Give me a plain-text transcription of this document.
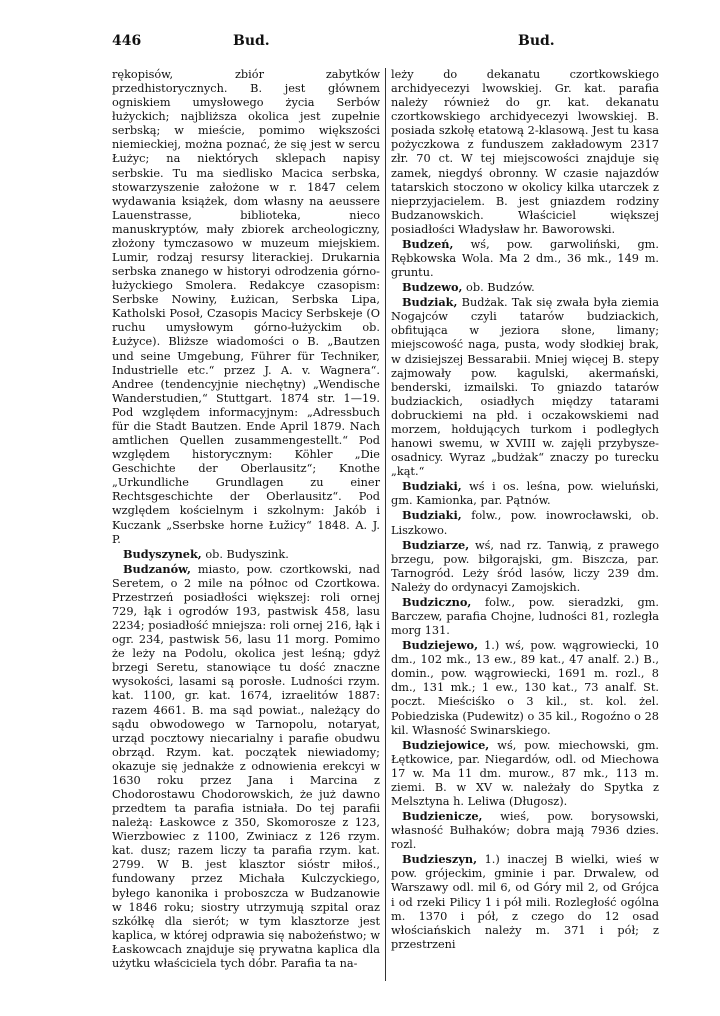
446	Bud.	Bud.

rękopisów, zbiór zabytków przedhistorycznych. B. jest głównem ogniskiem umysłowego życia Serbów łużyckich; najbliższa okolica jest zupełnie serbską; w mieście, pomimo większości niemieckiej, można poznać, że się jest w sercu Łużyc; na niektórych sklepach napisy serbskie. Tu ma siedlisko Macica serbska, stowarzyszenie założone w r. 1847 celem wydawania książek, dom własny na aeussere Lauenstrasse, biblioteka, nieco manuskryptów, mały zbiorek archeologiczny, złożony tymczasowo w muzeum miejskiem. Lumir, rodzaj resursy literackiej. Drukarnia serbska znanego w historyi odrodzenia górno-łużyckiego Smolera. Redakcye czasopism: Serbske Nowiny, Łużican, Serbska Lipa, Katholski Posoł, Czasopis Macicy Serbskeje (O ruchu umysłowym górno-łużyckim ob. Łużyce). Bliższe wiadomości o B. „Bautzen und seine Umgebung, Führer für Techniker, Industrielle etc.“ przez J. A. v. Wagnera“. Andree (tendencyjnie niechętny) „Wendische Wanderstudien,“ Stuttgart. 1874 str. 1—19. Pod względem informacyjnym: „Adressbuch für die Stadt Bautzen. Ende April 1879. Nach amtlichen Quellen zusammengestellt.“ Pod względem historycznym: Köhler „Die Geschichte der Oberlausitz“; Knothe „Urkundliche Grundlagen zu einer Rechtsgeschichte der Oberlausitz“. Pod względem kościelnym i szkolnym: Jakób i Kuczank „Sserbske horne Łužicy“ 1848. A. J. P.

Budyszynek, ob. Budyszink.

Budzanów, miasto, pow. czortkowski, nad Seretem, o 2 mile na północ od Czortkowa. Przestrzeń posiadłości większej: roli ornej 729, łąk i ogrodów 193, pastwisk 458, lasu 2234; posiadłość mniejsza: roli ornej 216, łąk i ogr. 234, pastwisk 56, lasu 11 morg. Pomimo że leży na Podolu, okolica jest leśną; gdyż brzegi Seretu, stanowiące tu dość znaczne wysokości, lasami są porosłe. Ludności rzym. kat. 1100, gr. kat. 1674, izraelitów 1887: razem 4661. B. ma sąd powiat., należący do sądu obwodowego w Tarnopolu, notaryat, urząd pocztowy niecarialny i parafie obudwu obrząd. Rzym. kat. początek niewiadomy; okazuje się jednakże z odnowienia erekcyi w 1630 roku przez Jana i Marcina z Chodorostawu Chodorowskich, że już dawno przedtem ta parafia istniała. Do tej parafii należą: Łaskowce z 350, Skomorosze z 123, Wierzbowiec z 1100, Zwiniacz z 126 rzym. kat. dusz; razem liczy ta parafia rzym. kat. 2799. W B. jest klasztor sióstr miłoś., fundowany przez Michała Kulczyckiego, byłego kanonika i proboszcza w Budzanowie w 1846 roku; siostry utrzymują szpital oraz szkółkę dla sierót; w tym klasztorze jest kaplica, w której odprawia się nabożeństwo; w Łaskowcach znajduje się prywatna kaplica dla użytku właściciela tych dóbr. Parafia ta na-

leży do dekanatu czortkowskiego archidyecezyi lwowskiej. Gr. kat. parafia należy również do gr. kat. dekanatu czortkowskiego archidyecezyi lwowskiej. B. posiada szkołę etatową 2-klasową. Jest tu kasa pożyczkowa z funduszem zakładowym 2317 złr. 70 ct. W tej miejscowości znajduje się zamek, niegdyś obronny. W czasie najazdów tatarskich stoczono w okolicy kilka utarczek z nieprzyjacielem. B. jest gniazdem rodziny Budzanowskich. Właściciel większej posiadłości Władysław hr. Baworowski.

Budzeń, wś, pow. garwoliński, gm. Rębkowska Wola. Ma 2 dm., 36 mk., 149 m. gruntu.

Budzewo, ob. Budzów.

Budziak, Budżak. Tak się zwała była ziemia Nogajców czyli tatarów budziackich, obfitująca w jeziora słone, limany; miejscowość naga, pusta, wody słodkiej brak, w dzisiejszej Bessarabii. Mniej więcej B. stepy zajmowały pow. kagulski, akermański, benderski, izmailski. To gniazdo tatarów budziackich, osiadłych między tatarami dobruckiemi na płd. i oczakowskiemi nad morzem, hołdujących turkom i podległych hanowi swemu, w XVIII w. zajęli przybysze-osadnicy. Wyraz „budżak“ znaczy po turecku „kąt.“

Budziaki, wś i os. leśna, pow. wieluński, gm. Kamionka, par. Pątnów.

Budziaki, folw., pow. inowrocławski, ob. Liszkowo.

Budziarze, wś, nad rz. Tanwią, z prawego brzegu, pow. biłgorajski, gm. Biszcza, par. Tarnogród. Leży śród lasów, liczy 239 dm. Należy do ordynacyi Zamojskich.

Budziczno, folw., pow. sieradzki, gm. Barczew, parafia Chojne, ludności 81, rozległa morg 131.

Budziejewo, 1.) wś, pow. wągrowiecki, 10 dm., 102 mk., 13 ew., 89 kat., 47 analf. 2.) B., domin., pow. wągrowiecki, 1691 m. rozl., 8 dm., 131 mk.; 1 ew., 130 kat., 73 analf. St. poczt. Mieściśko o 3 kil., st. kol. żel. Pobiedziska (Pudewitz) o 35 kil., Rogoźno o 28 kil. Własność Swinarskiego.

Budziejowice, wś, pow. miechowski, gm. Łętkowice, par. Niegardów, odl. od Miechowa 17 w. Ma 11 dm. murow., 87 mk., 113 m. ziemi. B. w XV w. należały do Spytka z Melsztyna h. Leliwa (Długosz).

Budzienicze, wieś, pow. borysowski, własność Bułhaków; dobra mają 7936 dzies. rozl.

Budzieszyn, 1.) inaczej B wielki, wieś w pow. grójeckim, gminie i par. Drwalew, od Warszawy odl. mil 6, od Góry mil 2, od Grójca i od rzeki Pilicy 1 i pół mili. Rozległość ogólna m. 1370 i pół, z czego do 12 osad włościańskich należy m. 371 i pół; z przestrzeni
